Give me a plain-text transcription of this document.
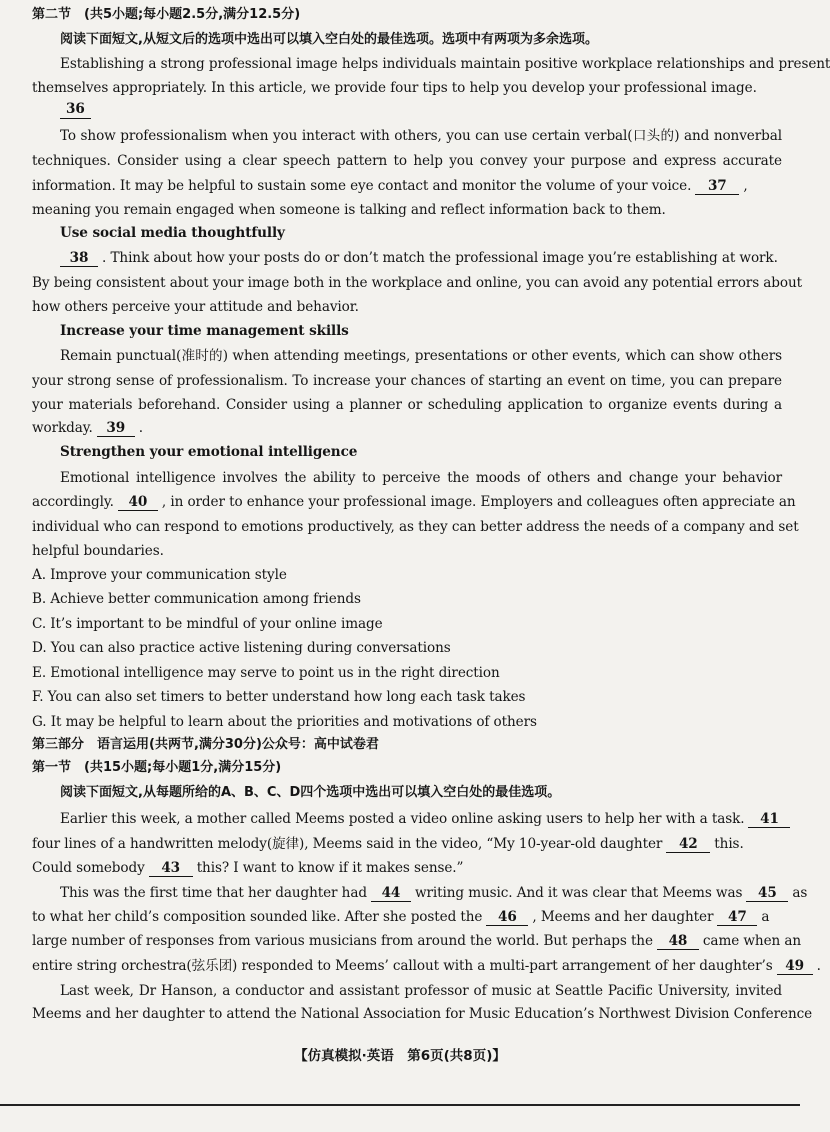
第二节　(共5小题;每小题2.5分,满分12.5分)
阅读下面短文,从短文后的选项中选出可以填入空白处的最佳选项。选项中有两项为多余选项。
Establishing a strong professional image helps individuals maintain positive workplace relationships and present
themselves appropriately. In this article, we provide four tips to help you develop your professional image.
36
To show professionalism when you interact with others, you can use certain verbal(口头的) and nonverbal
techniques. Consider using a clear speech pattern to help you convey your purpose and express accurate
information. It may be helpful to sustain some eye contact and monitor the volume of your voice. 37 ,
meaning you remain engaged when someone is talking and reflect information back to them.
Use social media thoughtfully
38 . Think about how your posts do or don’t match the professional image you’re establishing at work.
By being consistent about your image both in the workplace and online, you can avoid any potential errors about
how others perceive your attitude and behavior.
Increase your time management skills
Remain punctual(准时的) when attending meetings, presentations or other events, which can show others
your strong sense of professionalism. To increase your chances of starting an event on time, you can prepare
your materials beforehand. Consider using a planner or scheduling application to organize events during a
workday. 39 .
Strengthen your emotional intelligence
Emotional intelligence involves the ability to perceive the moods of others and change your behavior
accordingly. 40 , in order to enhance your professional image. Employers and colleagues often appreciate an
individual who can respond to emotions productively, as they can better address the needs of a company and set
helpful boundaries.
A. Improve your communication style
B. Achieve better communication among friends
C. It’s important to be mindful of your online image
D. You can also practice active listening during conversations
E. Emotional intelligence may serve to point us in the right direction
F. You can also set timers to better understand how long each task takes
G. It may be helpful to learn about the priorities and motivations of others
第三部分　语言运用(共两节,满分30分)公众号：高中试卷君
第一节　(共15小题;每小题1分,满分15分)
阅读下面短文,从每题所给的A、B、C、D四个选项中选出可以填入空白处的最佳选项。
Earlier this week, a mother called Meems posted a video online asking users to help her with a task. 41
four lines of a handwritten melody(旋律), Meems said in the video, “My 10-year-old daughter 42 this.
Could somebody 43 this? I want to know if it makes sense.”
This was the first time that her daughter had 44 writing music. And it was clear that Meems was 45 as
to what her child’s composition sounded like. After she posted the 46 , Meems and her daughter 47 a
large number of responses from various musicians from around the world. But perhaps the 48 came when an
entire string orchestra(弦乐团) responded to Meems’ callout with a multi-part arrangement of her daughter’s 49 .
Last week, Dr Hanson, a conductor and assistant professor of music at Seattle Pacific University, invited
Meems and her daughter to attend the National Association for Music Education’s Northwest Division Conference
【仿真模拟·英语　第6页(共8页)】
